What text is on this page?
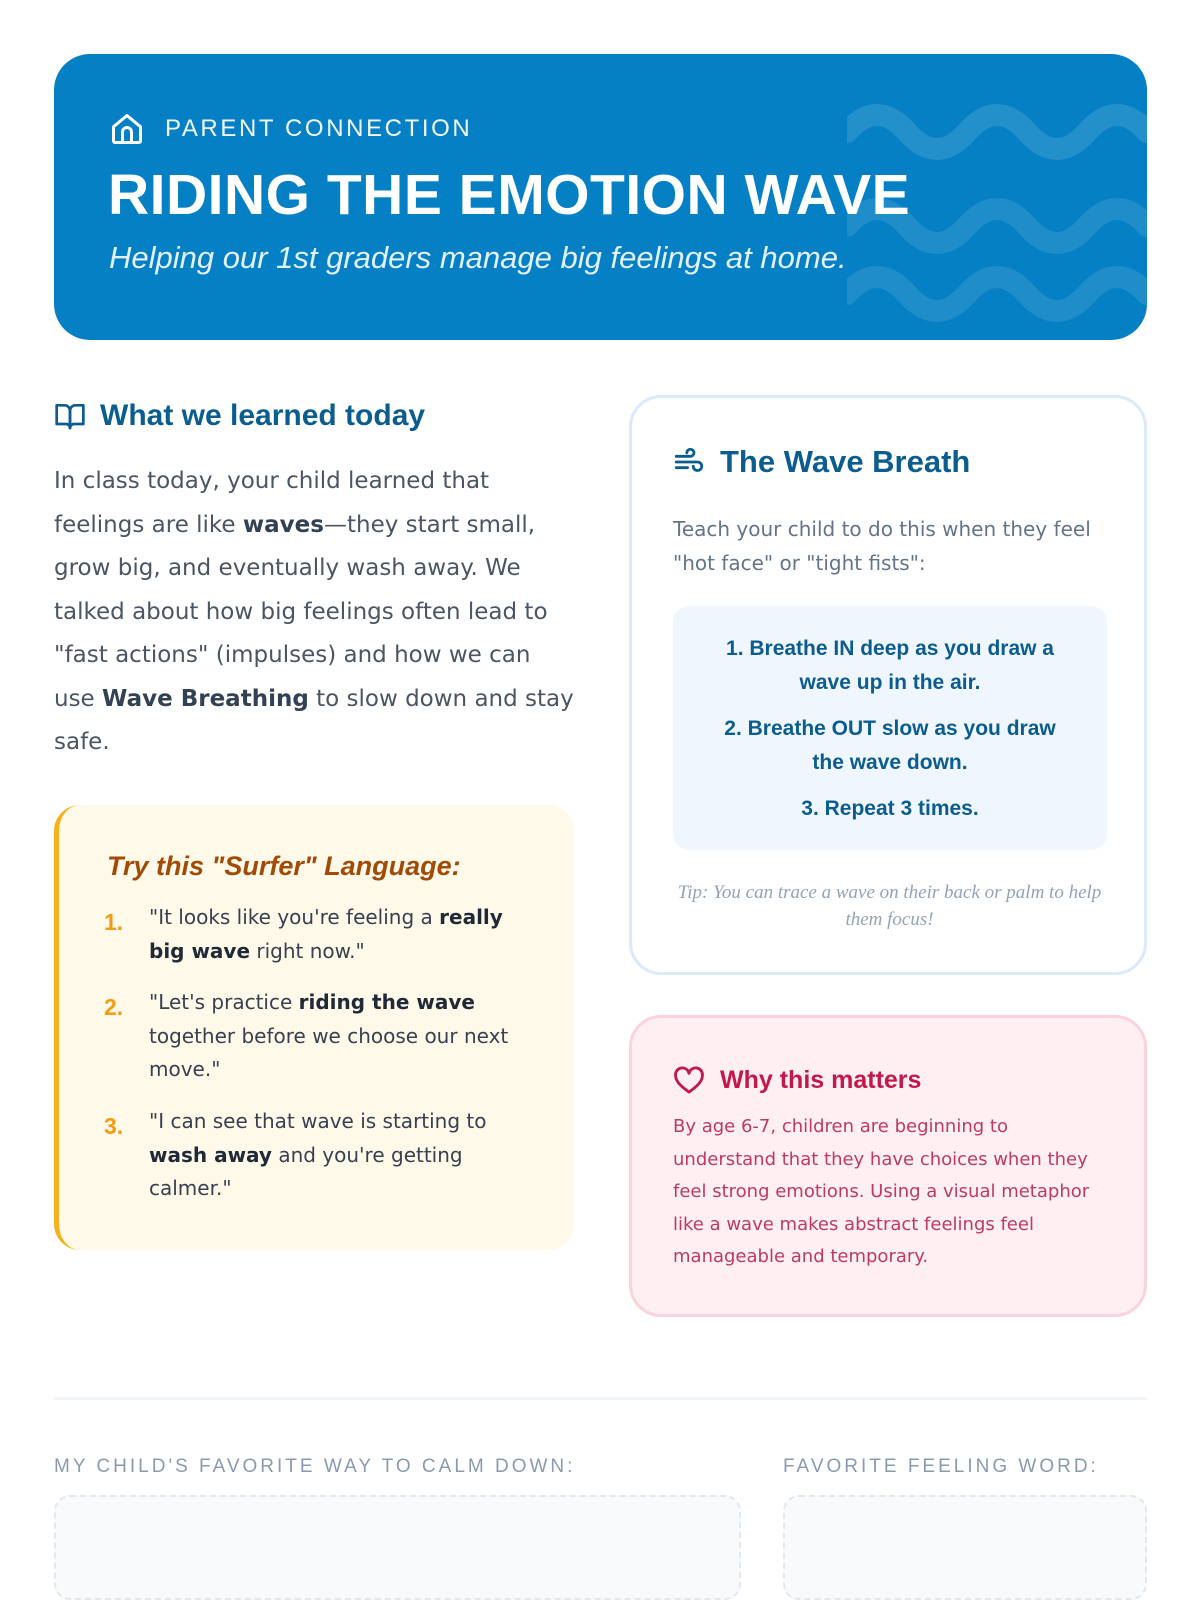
PARENT CONNECTION
RIDING THE EMOTION WAVE
Helping our 1st graders manage big feelings at home.
What we learned today

In class today, your child learned that feelings are like waves—they start small, grow big, and eventually wash away. We talked about how big feelings often lead to "fast actions" (impulses) and how we can use Wave Breathing to slow down and stay safe.

Try this "Surfer" Language:
1. "It looks like you're feeling a really big wave right now."
2. "Let's practice riding the wave together before we choose our next move."
3. "I can see that wave is starting to wash away and you're getting calmer."
The Wave Breath

Teach your child to do this when they feel "hot face" or "tight fists":

1. Breathe IN deep as you draw a
wave up in the air.
2. Breathe OUT slow as you draw
the wave down.
3. Repeat 3 times.

Tip: You can trace a wave on their back or palm to help them focus!

Why this matters

By age 6-7, children are beginning to understand that they have choices when they feel strong emotions. Using a visual metaphor like a wave makes abstract feelings feel manageable and temporary.

MY CHILD'S FAVORITE WAY TO CALM DOWN:	FAVORITE FEELING WORD:
